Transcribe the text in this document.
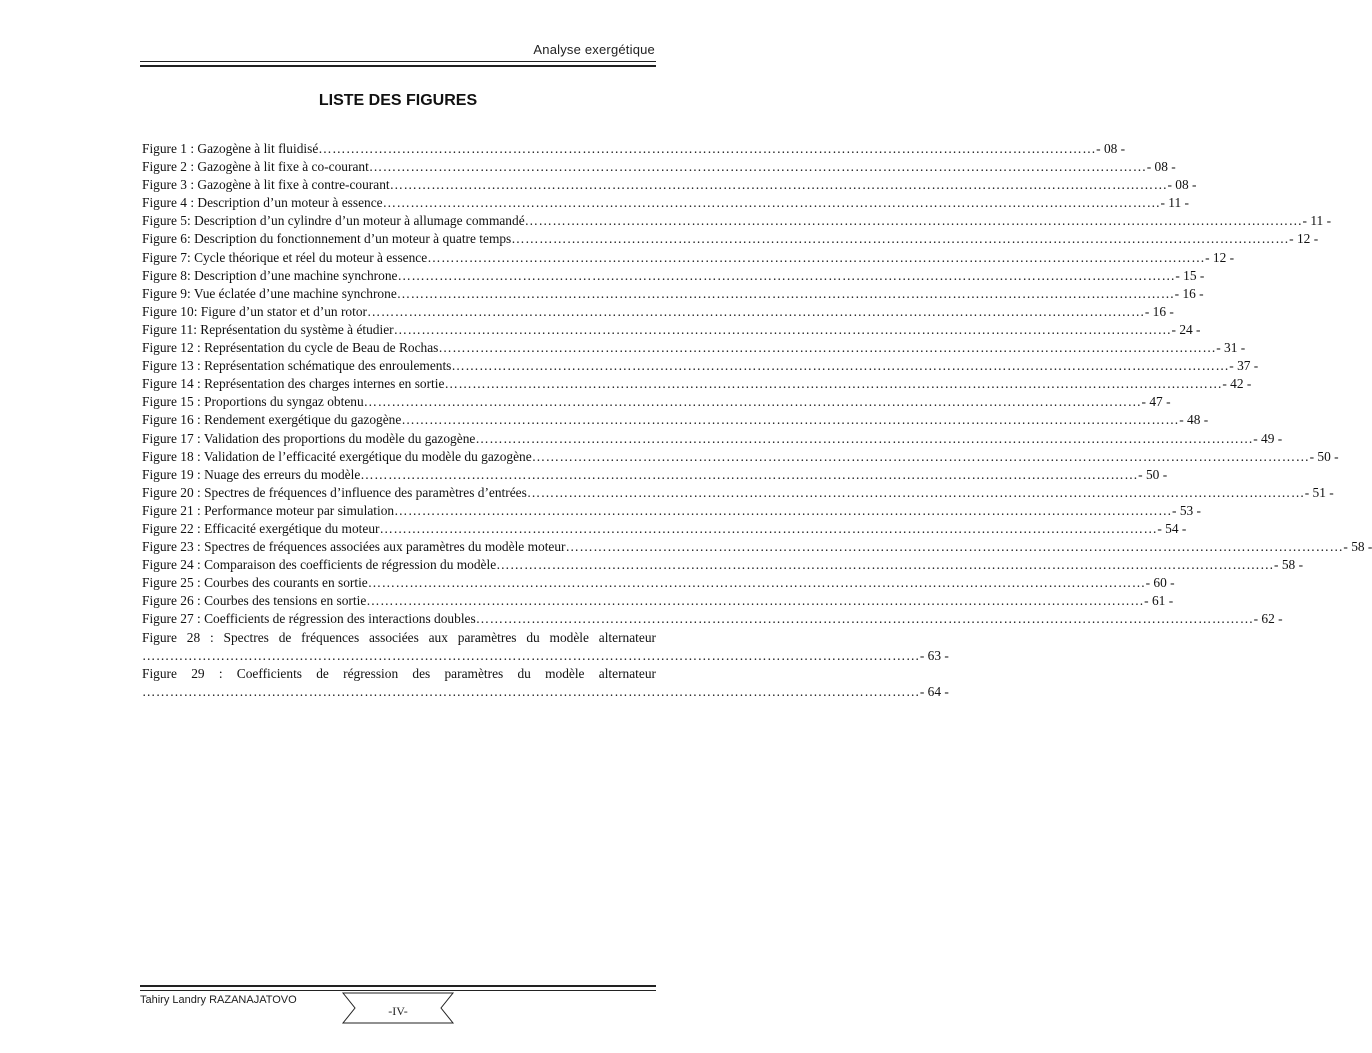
Analyse exergétique
LISTE DES FIGURES
Figure 1 : Gazogène à lit fluidisé …………………………………………………………………………………………………………………………………………………… - 08 -
Figure 2 : Gazogène à lit fixe à co-courant …………………………………………………………………………………………………………………………………………………… - 08 -
Figure 3 : Gazogène à lit fixe à contre-courant …………………………………………………………………………………………………………………………………………………… - 08 -
Figure 4 : Description d’un moteur à essence …………………………………………………………………………………………………………………………………………………… - 11 -
Figure 5: Description d’un cylindre d’un moteur à allumage commandé …………………………………………………………………………………………………………………………………………………… - 11 -
Figure 6: Description du fonctionnement d’un moteur à quatre temps …………………………………………………………………………………………………………………………………………………… - 12 -
Figure 7: Cycle théorique et réel du moteur à essence …………………………………………………………………………………………………………………………………………………… - 12 -
Figure 8: Description d’une machine synchrone …………………………………………………………………………………………………………………………………………………… - 15 -
Figure 9: Vue éclatée d’une machine synchrone …………………………………………………………………………………………………………………………………………………… - 16 -
Figure 10: Figure d’un stator et d’un rotor …………………………………………………………………………………………………………………………………………………… - 16 -
Figure 11: Représentation du système à étudier …………………………………………………………………………………………………………………………………………………… - 24 -
Figure 12 : Représentation du cycle de Beau de Rochas …………………………………………………………………………………………………………………………………………………… - 31 -
Figure 13 : Représentation schématique des enroulements …………………………………………………………………………………………………………………………………………………… - 37 -
Figure 14 : Représentation des charges internes en sortie …………………………………………………………………………………………………………………………………………………… - 42 -
Figure 15 : Proportions du syngaz obtenu …………………………………………………………………………………………………………………………………………………… - 47 -
Figure 16 : Rendement exergétique du gazogène …………………………………………………………………………………………………………………………………………………… - 48 -
Figure 17 : Validation des proportions du modèle du gazogène …………………………………………………………………………………………………………………………………………………… - 49 -
Figure 18 : Validation de l’efficacité exergétique du modèle du gazogène …………………………………………………………………………………………………………………………………………………… - 50 -
Figure 19 : Nuage des erreurs du modèle …………………………………………………………………………………………………………………………………………………… - 50 -
Figure 20 : Spectres de fréquences d’influence des paramètres d’entrées …………………………………………………………………………………………………………………………………………………… - 51 -
Figure 21 : Performance moteur par simulation …………………………………………………………………………………………………………………………………………………… - 53 -
Figure 22 : Efficacité exergétique du moteur …………………………………………………………………………………………………………………………………………………… - 54 -
Figure 23 : Spectres de fréquences associées aux paramètres du modèle moteur …………………………………………………………………………………………………………………………………………………… - 58 -
Figure 24 : Comparaison des coefficients de régression du modèle …………………………………………………………………………………………………………………………………………………… - 58 -
Figure 25 : Courbes des courants en sortie …………………………………………………………………………………………………………………………………………………… - 60 -
Figure 26 : Courbes des tensions en sortie …………………………………………………………………………………………………………………………………………………… - 61 -
Figure 27 : Coefficients de régression des interactions doubles …………………………………………………………………………………………………………………………………………………… - 62 -
Figure 28 : Spectres de fréquences associées aux paramètres du modèle alternateur
…………………………………………………………………………………………………………………………………………………… - 63 -
Figure 29 : Coefficients de régression des paramètres du modèle alternateur
…………………………………………………………………………………………………………………………………………………… - 64 -
Tahiry Landry RAZANAJATOVO
-IV-
